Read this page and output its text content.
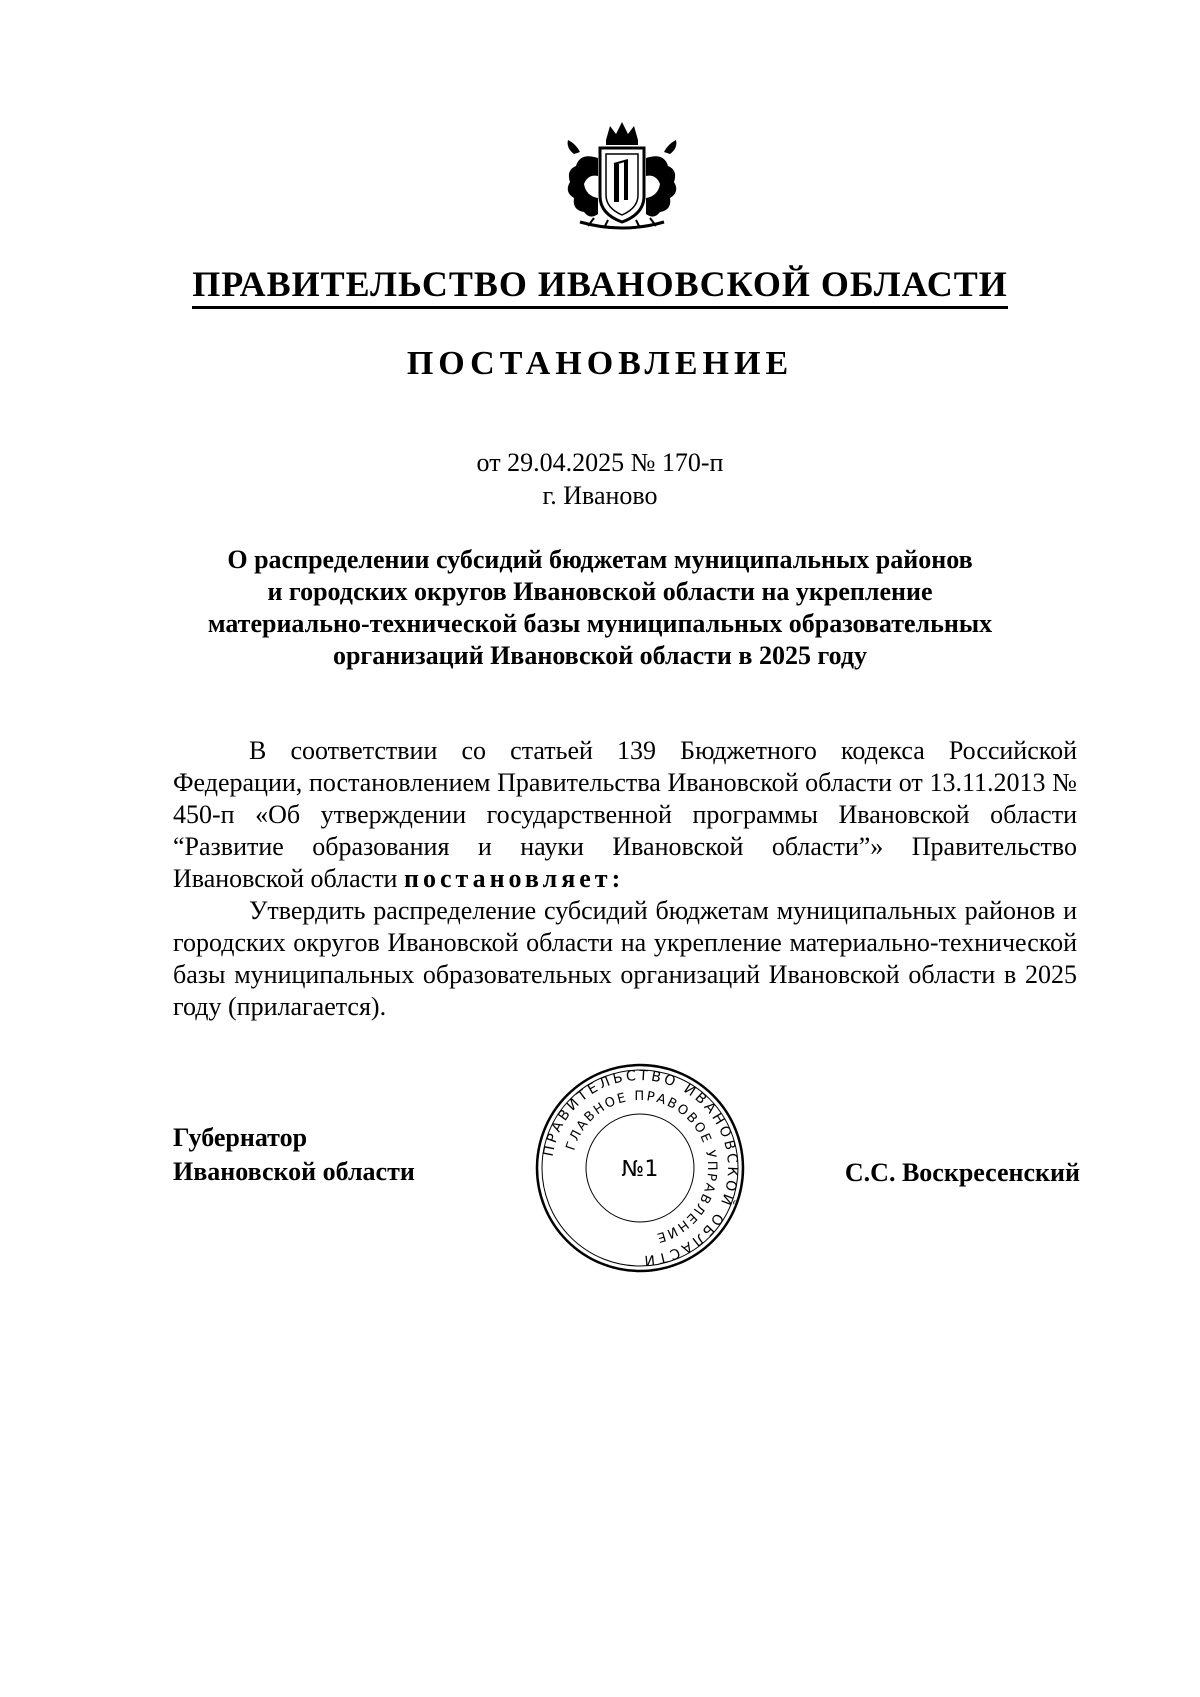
ПРАВИТЕЛЬСТВО ИВАНОВСКОЙ ОБЛАСТИ
ПОСТАНОВЛЕНИЕ
от 29.04.2025 № 170-п
г. Иваново
О распределении субсидий бюджетам муниципальных районов
и городских округов Ивановской области на укрепление
материально-технической базы муниципальных образовательных
организаций Ивановской области в 2025 году
В соответствии со статьей 139 Бюджетного кодекса Российской Федерации, постановлением Правительства Ивановской области от 13.11.2013 № 450-п «Об утверждении государственной программы Ивановской области “Развитие образования и науки Ивановской области”» Правительство Ивановской области постановляет:
Утвердить распределение субсидий бюджетам муниципальных районов и городских округов Ивановской области на укрепление материально-технической базы муниципальных образовательных организаций Ивановской области в 2025 году (прилагается).
Губернатор
Ивановской области
ПРАВИТЕЛЬСТВО ИВАНОВСКОЙ ОБЛАСТИ
ГЛАВНОЕ ПРАВОВОЕ УПРАВЛЕНИЕ
№1	С.С. Воскресенский
